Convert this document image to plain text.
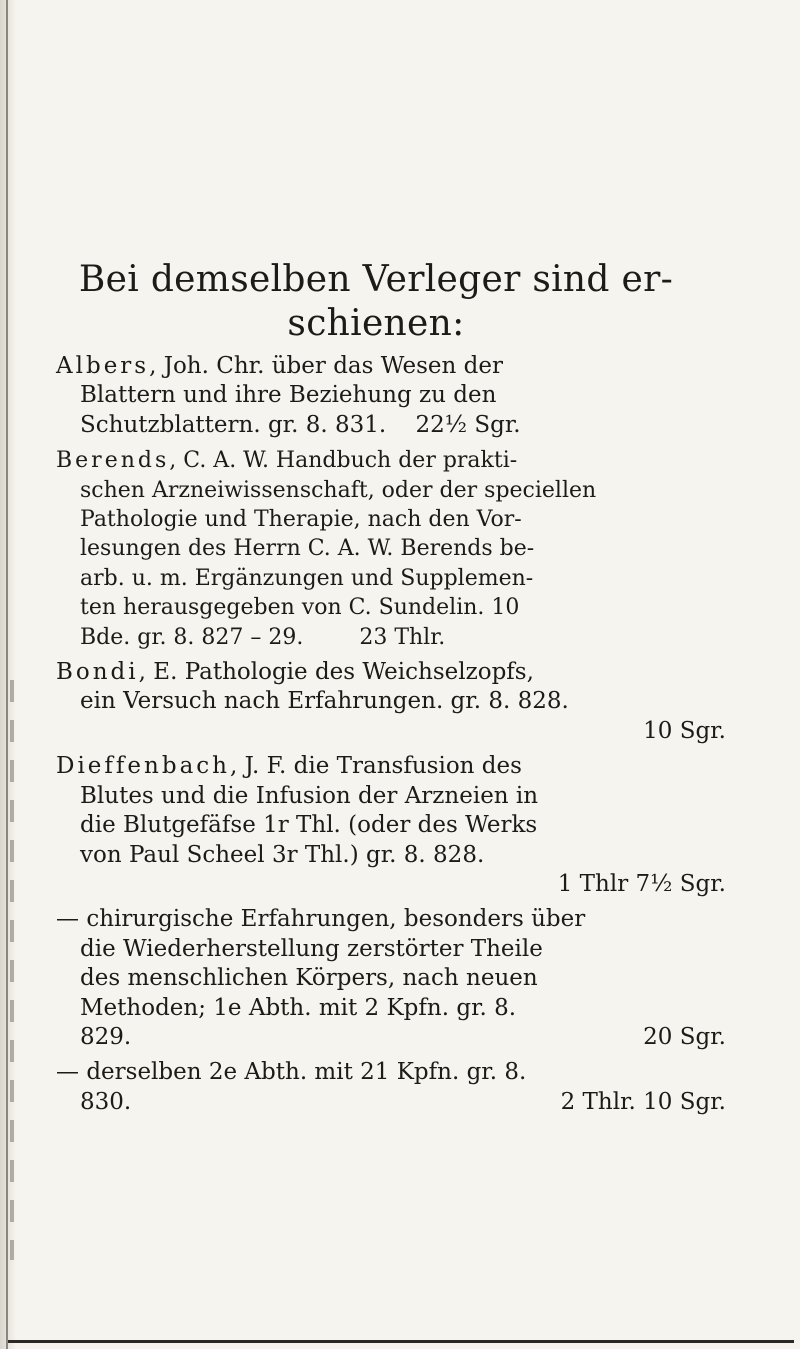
Bei demselben Verleger sind er-
schienen:
Albers, Joh. Chr. über das Wesen der
Blattern und ihre Beziehung zu den
Schutzblattern. gr. 8. 831. 22½ Sgr.
Berends, C. A. W. Handbuch der prakti-
schen Arzneiwissenschaft, oder der speciellen
Pathologie und Therapie, nach den Vor-
lesungen des Herrn C. A. W. Berends be-
arb. u. m. Ergänzungen und Supplemen-
ten herausgegeben von C. Sundelin. 10
Bde. gr. 8. 827 – 29.	23 Thlr.
Bondi, E. Pathologie des Weichselzopfs,
ein Versuch nach Erfahrungen. gr. 8. 828.
10 Sgr.
Dieffenbach, J. F. die Transfusion des
Blutes und die Infusion der Arzneien in
die Blutgefäfse 1r Thl. (oder des Werks
von Paul Scheel 3r Thl.) gr. 8. 828.
1 Thlr 7½ Sgr.
— chirurgische Erfahrungen, besonders über
die Wiederherstellung zerstörter Theile
des menschlichen Körpers, nach neuen
Methoden; 1e Abth. mit 2 Kpfn. gr. 8.
829.	20 Sgr.
— derselben 2e Abth. mit 21 Kpfn. gr. 8.
830.	2 Thlr. 10 Sgr.
